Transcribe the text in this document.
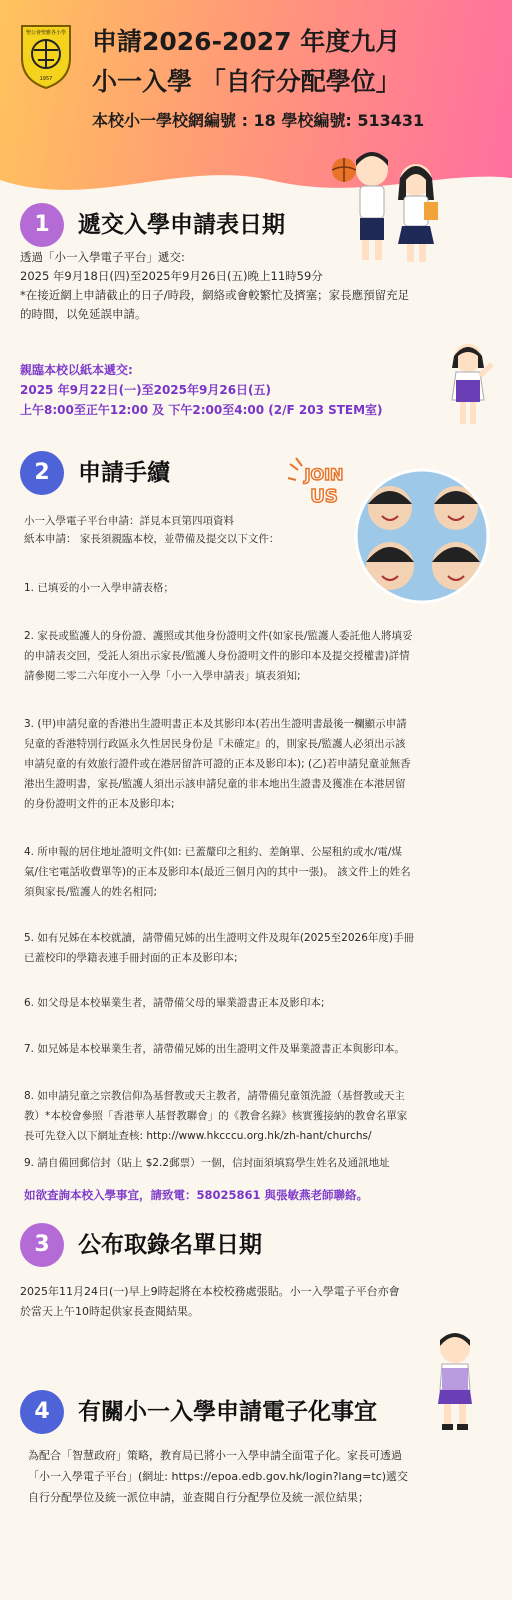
聖公會聖雅各小學
1957
申請2026-2027 年度九月
小一入學 「自行分配學位」
本校小一學校網編號 : 18 學校編號: 513431
1	遞交入學申請表日期
透過「小一入學電子平台」遞交:
2025 年9月18日(四)至2025年9月26日(五)晚上11時59分
*在接近網上申請截止的日子/時段，網絡或會較繁忙及擠塞；家長應預留充足
的時間，以免延誤申請。
親臨本校以紙本遞交:
2025 年9月22日(一)至2025年9月26日(五)
上午8:00至正午12:00 及 下午2:00至4:00 (2/F 203 STEM室)
2	申請手續	JOIN
US
小一入學電子平台申請：詳見本頁第四項資料
紙本申請： 家長須親臨本校，並帶備及提交以下文件：
1. 已填妥的小一入學申請表格；
2. 家長或監護人的身份證、護照或其他身份證明文件(如家長/監護人委託他人將填妥
的申請表交回，受託人須出示家長/監護人身份證明文件的影印本及提交授權書)詳情
請參閱二零二六年度小一入學「小一入學申請表」填表須知;
3. (甲)申請兒童的香港出生證明書正本及其影印本(若出生證明書最後一欄顯示申請
兒童的香港特別行政區永久性居民身份是『未確定』的，則家長/監護人必須出示該
申請兒童的有效旅行證件或在港居留許可證的正本及影印本); (乙)若申請兒童並無香
港出生證明書，家長/監護人須出示該申請兒童的非本地出生證書及獲准在本港居留
的身份證明文件的正本及影印本;
4. 所申報的居住地址證明文件(如: 已蓋釐印之租約、差餉單、公屋租約或水/電/煤
氣/住宅電話收費單等)的正本及影印本(最近三個月內的其中一張)。 該文件上的姓名
須與家長/監護人的姓名相同;
5. 如有兄姊在本校就讀，請帶備兄姊的出生證明文件及現年(2025至2026年度)手冊
已蓋校印的學籍表連手冊封面的正本及影印本;
6. 如父母是本校畢業生者，請帶備父母的畢業證書正本及影印本;
7. 如兄姊是本校畢業生者，請帶備兄姊的出生證明文件及畢業證書正本與影印本。
8. 如申請兒童之宗教信仰為基督教或天主教者，請帶備兒童領洗證（基督教或天主
教）*本校會參照「香港華人基督教聯會」的《教會名錄》核實獲接納的教會名單家
長可先登入以下網址查核: http://www.hkcccu.org.hk/zh-hant/churchs/
9. 請自備回郵信封（貼上 $2.2郵票）一個，信封面須填寫學生姓名及通訊地址
如欲查詢本校入學事宜，請致電：58025861 與張敏燕老師聯絡。
3	公布取錄名單日期
2025年11月24日(一)早上9時起將在本校校務處張貼。小一入學電子平台亦會
於當天上午10時起供家長查閱結果。
4	有關小一入學申請電子化事宜
為配合「智慧政府」策略，教育局已將小一入學申請全面電子化。家長可透過
「小一入學電子平台」(網址: https://epoa.edb.gov.hk/login?lang=tc)遞交
自行分配學位及統一派位申請，並查閱自行分配學位及統一派位結果；
